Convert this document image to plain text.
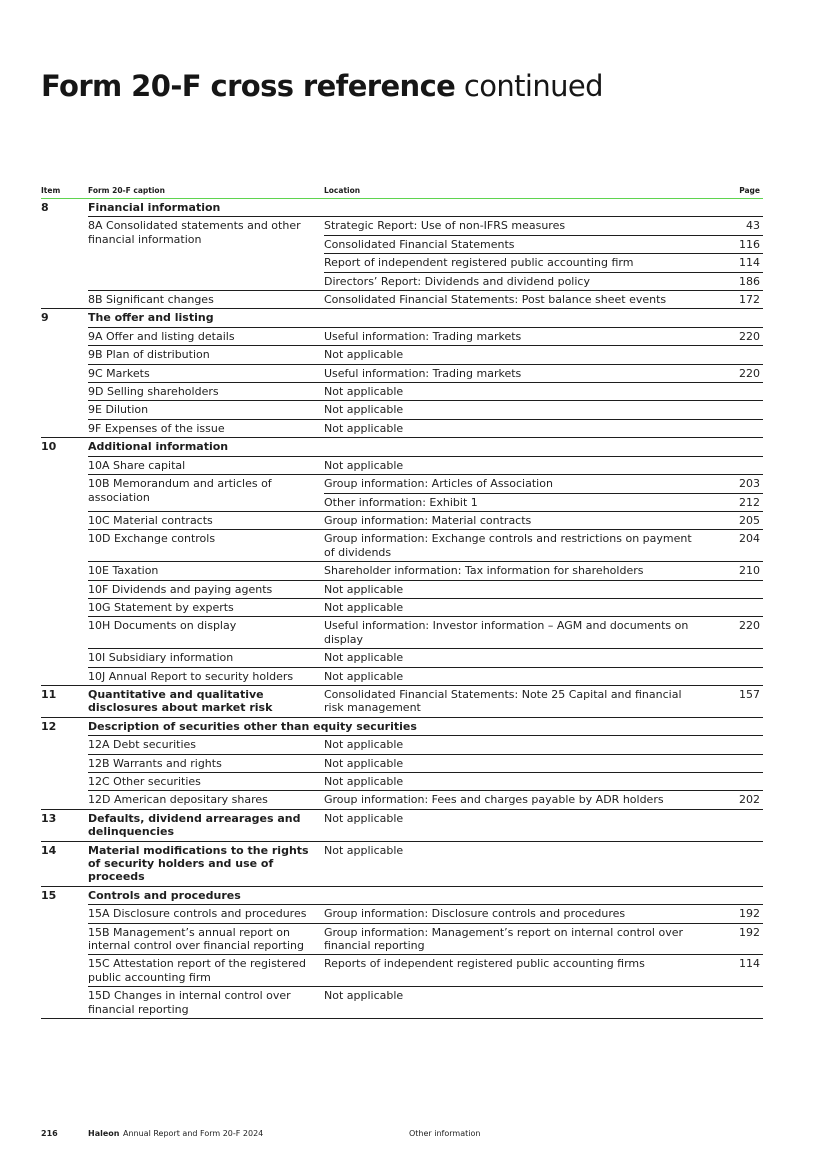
Form 20-F cross reference continued
Item	Form 20-F caption	Location	Page
8	Financial information		
	8A Consolidated statements and other financial information	Strategic Report: Use of non-IFRS measures	43
		Consolidated Financial Statements	116
		Report of independent registered public accounting firm	114
		Directors’ Report: Dividends and dividend policy	186
	8B Significant changes	Consolidated Financial Statements: Post balance sheet events	172
9	The offer and listing		
	9A Offer and listing details	Useful information: Trading markets	220
	9B Plan of distribution	Not applicable	
	9C Markets	Useful information: Trading markets	220
	9D Selling shareholders	Not applicable	
	9E Dilution	Not applicable	
	9F Expenses of the issue	Not applicable	
10	Additional information		
	10A Share capital	Not applicable	
	10B Memorandum and articles of association	Group information: Articles of Association	203
		Other information: Exhibit 1	212
	10C Material contracts	Group information: Material contracts	205
	10D Exchange controls	Group information: Exchange controls and restrictions on payment of dividends	204
	10E Taxation	Shareholder information: Tax information for shareholders	210
	10F Dividends and paying agents	Not applicable	
	10G Statement by experts	Not applicable	
	10H Documents on display	Useful information: Investor information – AGM and documents on display	220
	10I Subsidiary information	Not applicable	
	10J Annual Report to security holders	Not applicable	
11	Quantitative and qualitative disclosures about market risk	Consolidated Financial Statements: Note 25 Capital and financial risk management	157
12	Description of securities other than equity securities		
	12A Debt securities	Not applicable	
	12B Warrants and rights	Not applicable	
	12C Other securities	Not applicable	
	12D American depositary shares	Group information: Fees and charges payable by ADR holders	202
13	Defaults, dividend arrearages and delinquencies	Not applicable	
14	Material modifications to the rights of security holders and use of proceeds	Not applicable	
15	Controls and procedures		
	15A Disclosure controls and procedures	Group information: Disclosure controls and procedures	192
	15B Management’s annual report on internal control over financial reporting	Group information: Management’s report on internal control over financial reporting	192
	15C Attestation report of the registered public accounting firm	Reports of independent registered public accounting firms	114
	15D Changes in internal control over financial reporting	Not applicable	
216	Haleon Annual Report and Form 20-F 2024	Other information
